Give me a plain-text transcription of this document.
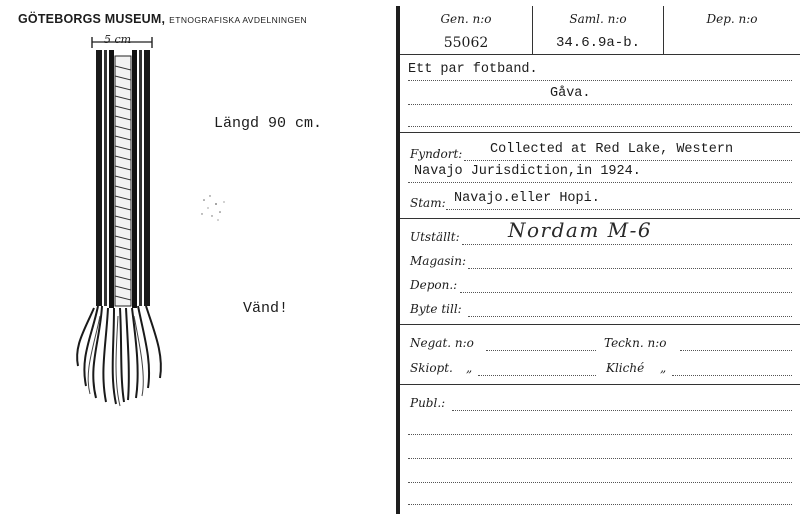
GÖTEBORGS MUSEUM, ETNOGRAFISKA AVDELNINGEN
5 cm
Längd 90 cm.
Vänd!
Gen. n:o
55062
Saml. n:o
34.6.9a-b.
Dep. n:o
Ett par fotband.
Gåva.
Fyndort: Collected at Red Lake, Western
Navajo Jurisdiction,in 1924.
Stam: Navajo.eller Hopi.
Utställt: Nordam M-6
Magasin:
Depon.:
Byte till:
Negat. n:o	Teckn. n:o
Skiopt. „	Kliché „
Publ.:
